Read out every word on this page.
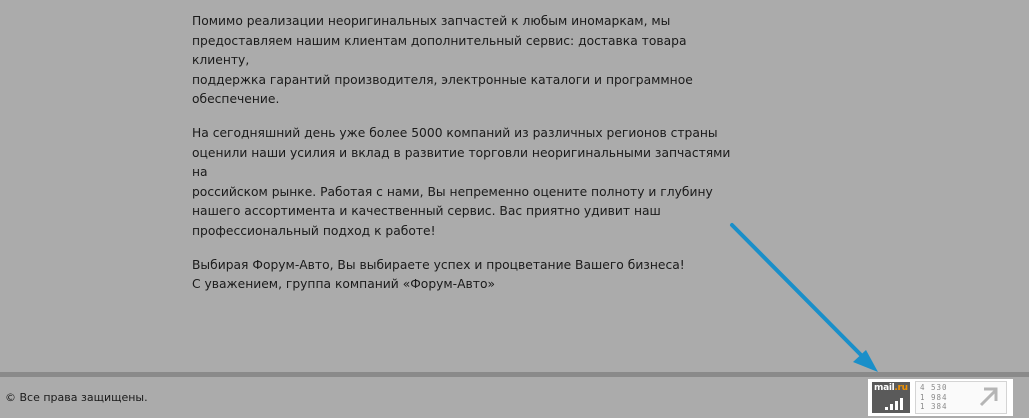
Помимо реализации неоригинальных запчастей к любым иномаркам, мы
предоставляем нашим клиентам дополнительный сервис: доставка товара клиенту,
поддержка гарантий производителя, электронные каталоги и программное
обеспечение.

На сегодняшний день уже более 5000 компаний из различных регионов страны
оценили наши усилия и вклад в развитие торговли неоригинальными запчастями на
российском рынке. Работая с нами, Вы непременно оцените полноту и глубину
нашего ассортимента и качественный сервис. Вас приятно удивит наш
профессиональный подход к работе!

Выбирая Форум-Авто, Вы выбираете успех и процветание Вашего бизнеса!
С уважением, группа компаний «Форум-Авто»

© Все права защищены.
mail.ru 4 530
1 984
1 384
